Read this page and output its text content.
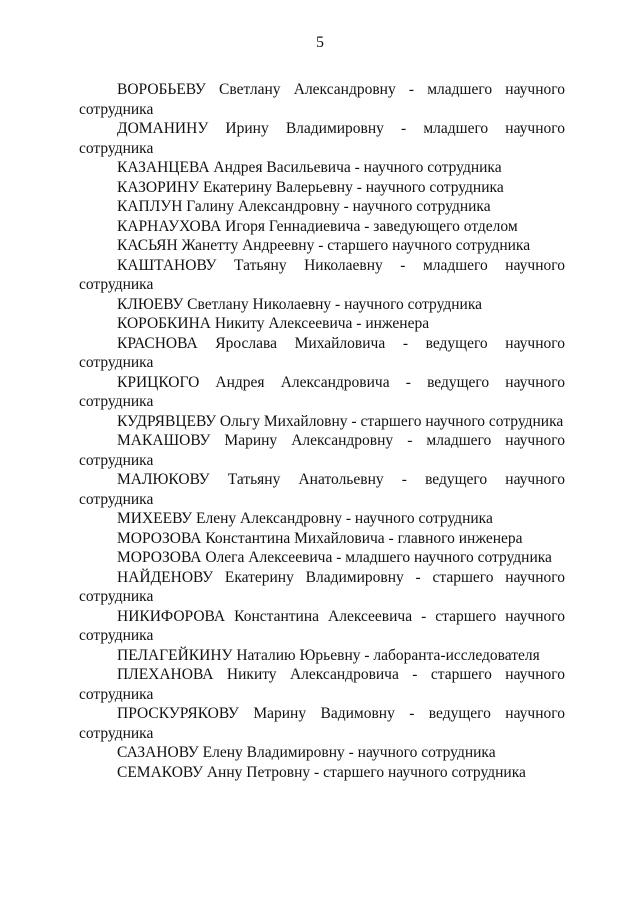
5
ВОРОБЬЕВУ Светлану Александровну - младшего научного сотрудника
ДОМАНИНУ Ирину Владимировну - младшего научного сотрудника
КАЗАНЦЕВА Андрея Васильевича - научного сотрудника
КАЗОРИНУ Екатерину Валерьевну - научного сотрудника
КАПЛУН Галину Александровну - научного сотрудника
КАРНАУХОВА Игоря Геннадиевича - заведующего отделом
КАСЬЯН Жанетту Андреевну - старшего научного сотрудника
КАШТАНОВУ Татьяну Николаевну - младшего научного сотрудника
КЛЮЕВУ Светлану Николаевну - научного сотрудника
КОРОБКИНА Никиту Алексеевича - инженера
КРАСНОВА Ярослава Михайловича - ведущего научного сотрудника
КРИЦКОГО Андрея Александровича - ведущего научного сотрудника
КУДРЯВЦЕВУ Ольгу Михайловну - старшего научного сотрудника
МАКАШОВУ Марину Александровну - младшего научного сотрудника
МАЛЮКОВУ Татьяну Анатольевну - ведущего научного сотрудника
МИХЕЕВУ Елену Александровну - научного сотрудника
МОРОЗОВА Константина Михайловича - главного инженера
МОРОЗОВА Олега Алексеевича - младшего научного сотрудника
НАЙДЕНОВУ Екатерину Владимировну - старшего научного сотрудника
НИКИФОРОВА Константина Алексеевича - старшего научного сотрудника
ПЕЛАГЕЙКИНУ Наталию Юрьевну - лаборанта-исследователя
ПЛЕХАНОВА Никиту Александровича - старшего научного сотрудника
ПРОСКУРЯКОВУ Марину Вадимовну - ведущего научного сотрудника
САЗАНОВУ Елену Владимировну - научного сотрудника
СЕМАКОВУ Анну Петровну - старшего научного сотрудника
